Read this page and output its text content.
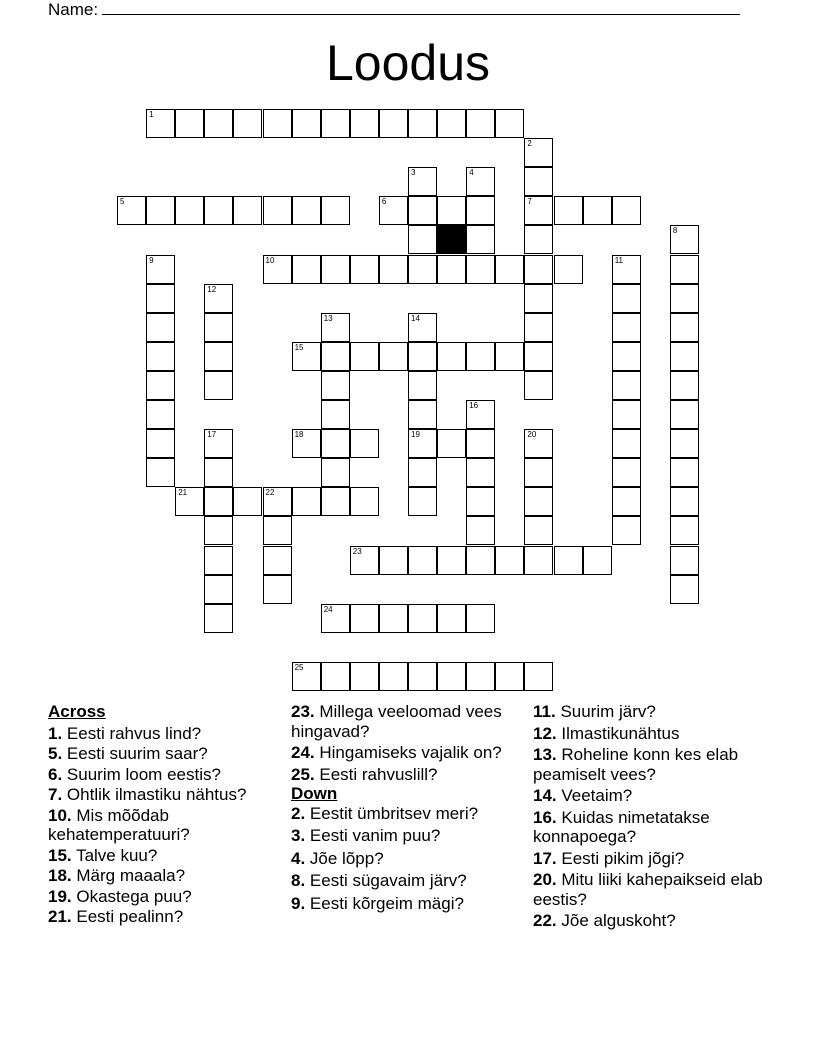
Name:
Loodus
1
2
7
3	4
5	6
8
9	10	11
12
13	14
19
15
16
17	18	20
21	22
23
24
25
Across
1. Eesti rahvus lind?
5. Eesti suurim saar?
6. Suurim loom eestis?
7. Ohtlik ilmastiku nähtus?
10. Mis mõõdab kehatemperatuuri?
15. Talve kuu?
18. Märg maaala?
19. Okastega puu?
21. Eesti pealinn?
23. Millega veeloomad vees hingavad?
24. Hingamiseks vajalik on?
25. Eesti rahvuslill?
Down
2. Eestit ümbritsev meri?
3. Eesti vanim puu?
4. Jõe lõpp?
8. Eesti sügavaim järv?
9. Eesti kõrgeim mägi?
11. Suurim järv?
12. Ilmastikunähtus
13. Roheline konn kes elab peamiselt vees?
14. Veetaim?
16. Kuidas nimetatakse konnapoega?
17. Eesti pikim jõgi?
20. Mitu liiki kahepaikseid elab eestis?
22. Jõe alguskoht?
